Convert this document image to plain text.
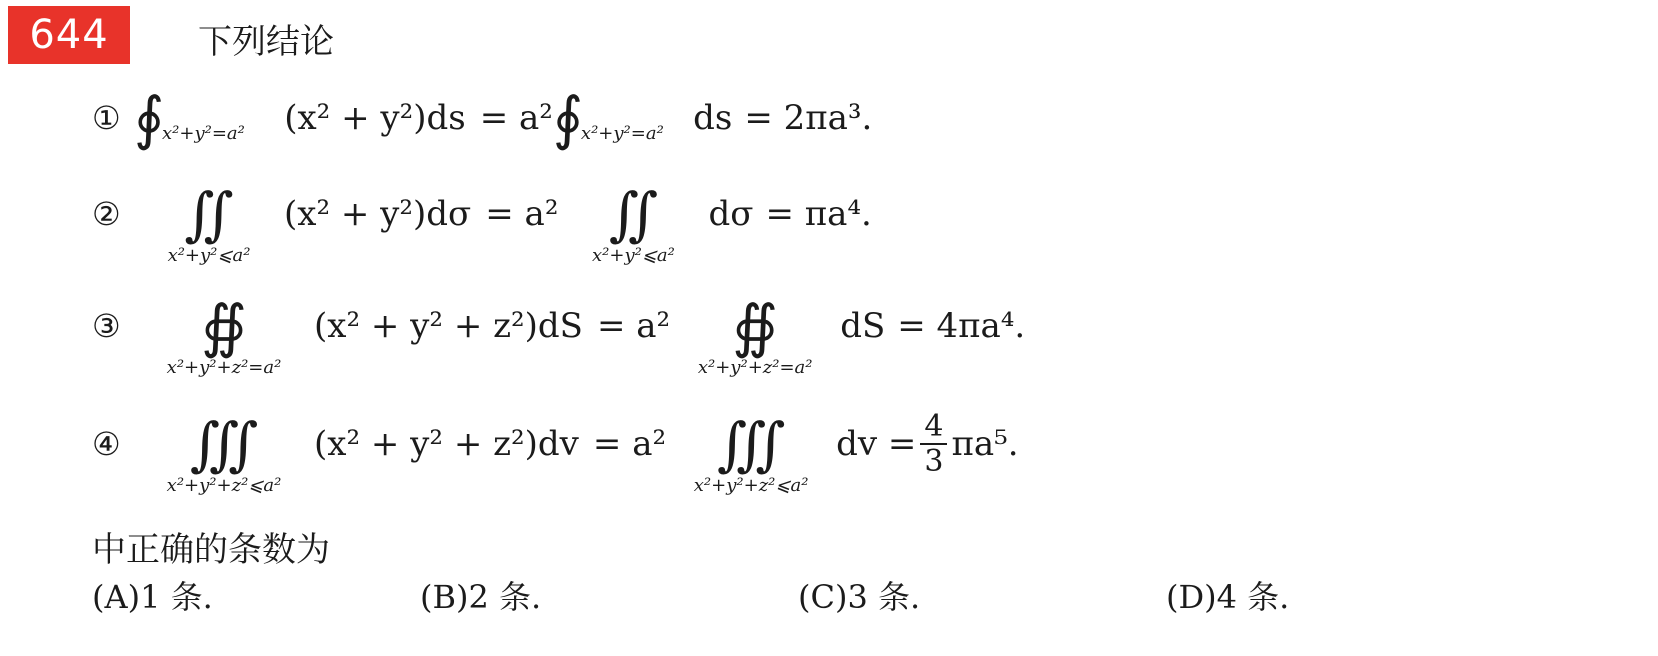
644	下列结论
① ∮
x²+y²=a² (x² + y²)ds = a² ∮
x²+y²=a² ds = 2πa³.
②	∬
x²+y²⩽a²
(x² + y²)dσ = a² ∬
x²+y²⩽a²
dσ = πa⁴.
③	∯
x²+y²+z²=a²
(x² + y² + z²)dS = a²	∯
x²+y²+z²=a²
dS = 4πa⁴.
④	∭
x²+y²+z²⩽a²
(x² + y² + z²)dv = a² ∭
x²+y²+z²⩽a²
dv = $\frac{4}{3} \pi a^5$.
中正确的条数为
(A)1 条.	(B)2 条.	(C)3 条.	(D)4 条.
